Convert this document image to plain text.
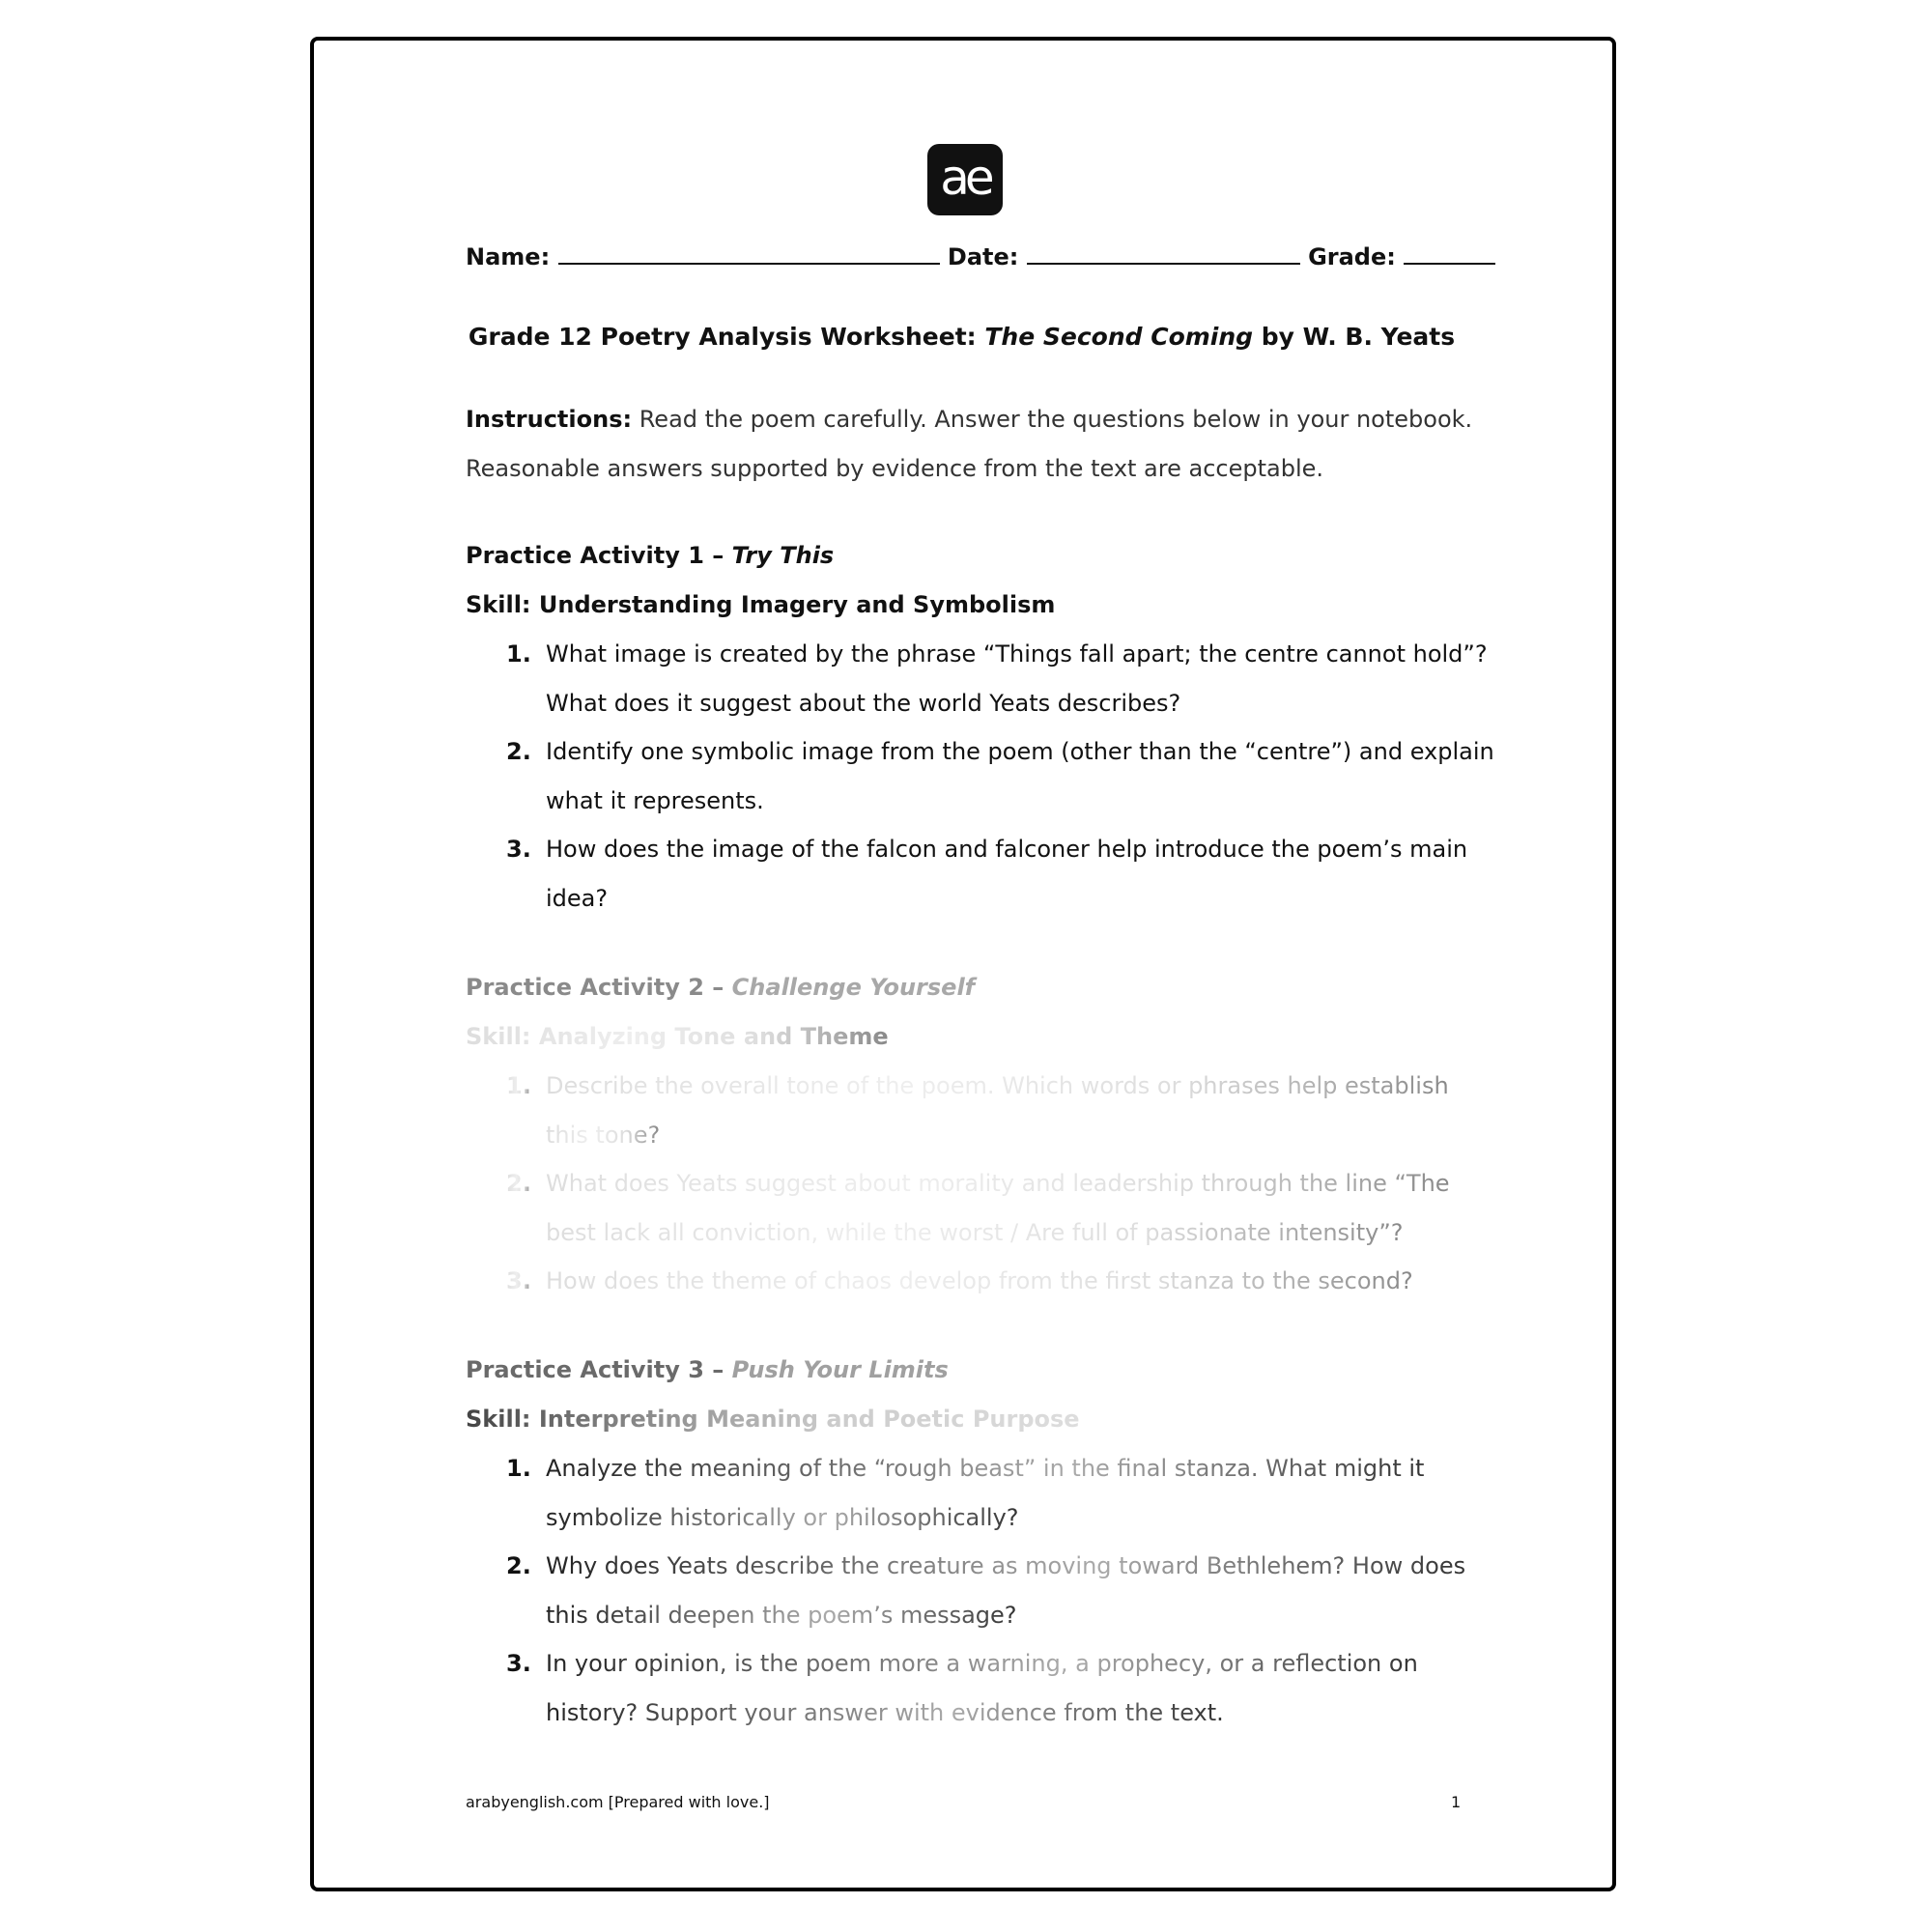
ae
Name:	Date:	Grade:
Grade 12 Poetry Analysis Worksheet: The Second Coming by W. B. Yeats
Instructions: Read the poem carefully. Answer the questions below in your notebook.
Reasonable answers supported by evidence from the text are acceptable.
Practice Activity 1 – Try This
Skill: Understanding Imagery and Symbolism
1. What image is created by the phrase “Things fall apart; the centre cannot hold”?
What does it suggest about the world Yeats describes?
2. Identify one symbolic image from the poem (other than the “centre”) and explain
what it represents.
3. How does the image of the falcon and falconer help introduce the poem’s main
idea?
Practice Activity 2 – Challenge Yourself
Skill: Analyzing Tone and Theme
1. Describe the overall tone of the poem. Which words or phrases help establish
this tone?
2. What does Yeats suggest about morality and leadership through the line “The
best lack all conviction, while the worst / Are full of passionate intensity”?
3. How does the theme of chaos develop from the first stanza to the second?
Practice Activity 3 – Push Your Limits
Skill: Interpreting Meaning and Poetic Purpose
1. Analyze the meaning of the “rough beast” in the final stanza. What might it
symbolize historically or philosophically?
2. Why does Yeats describe the creature as moving toward Bethlehem? How does
this detail deepen the poem’s message?
3. In your opinion, is the poem more a warning, a prophecy, or a reflection on
history? Support your answer with evidence from the text.
arabyenglish.com [Prepared with love.]	1
